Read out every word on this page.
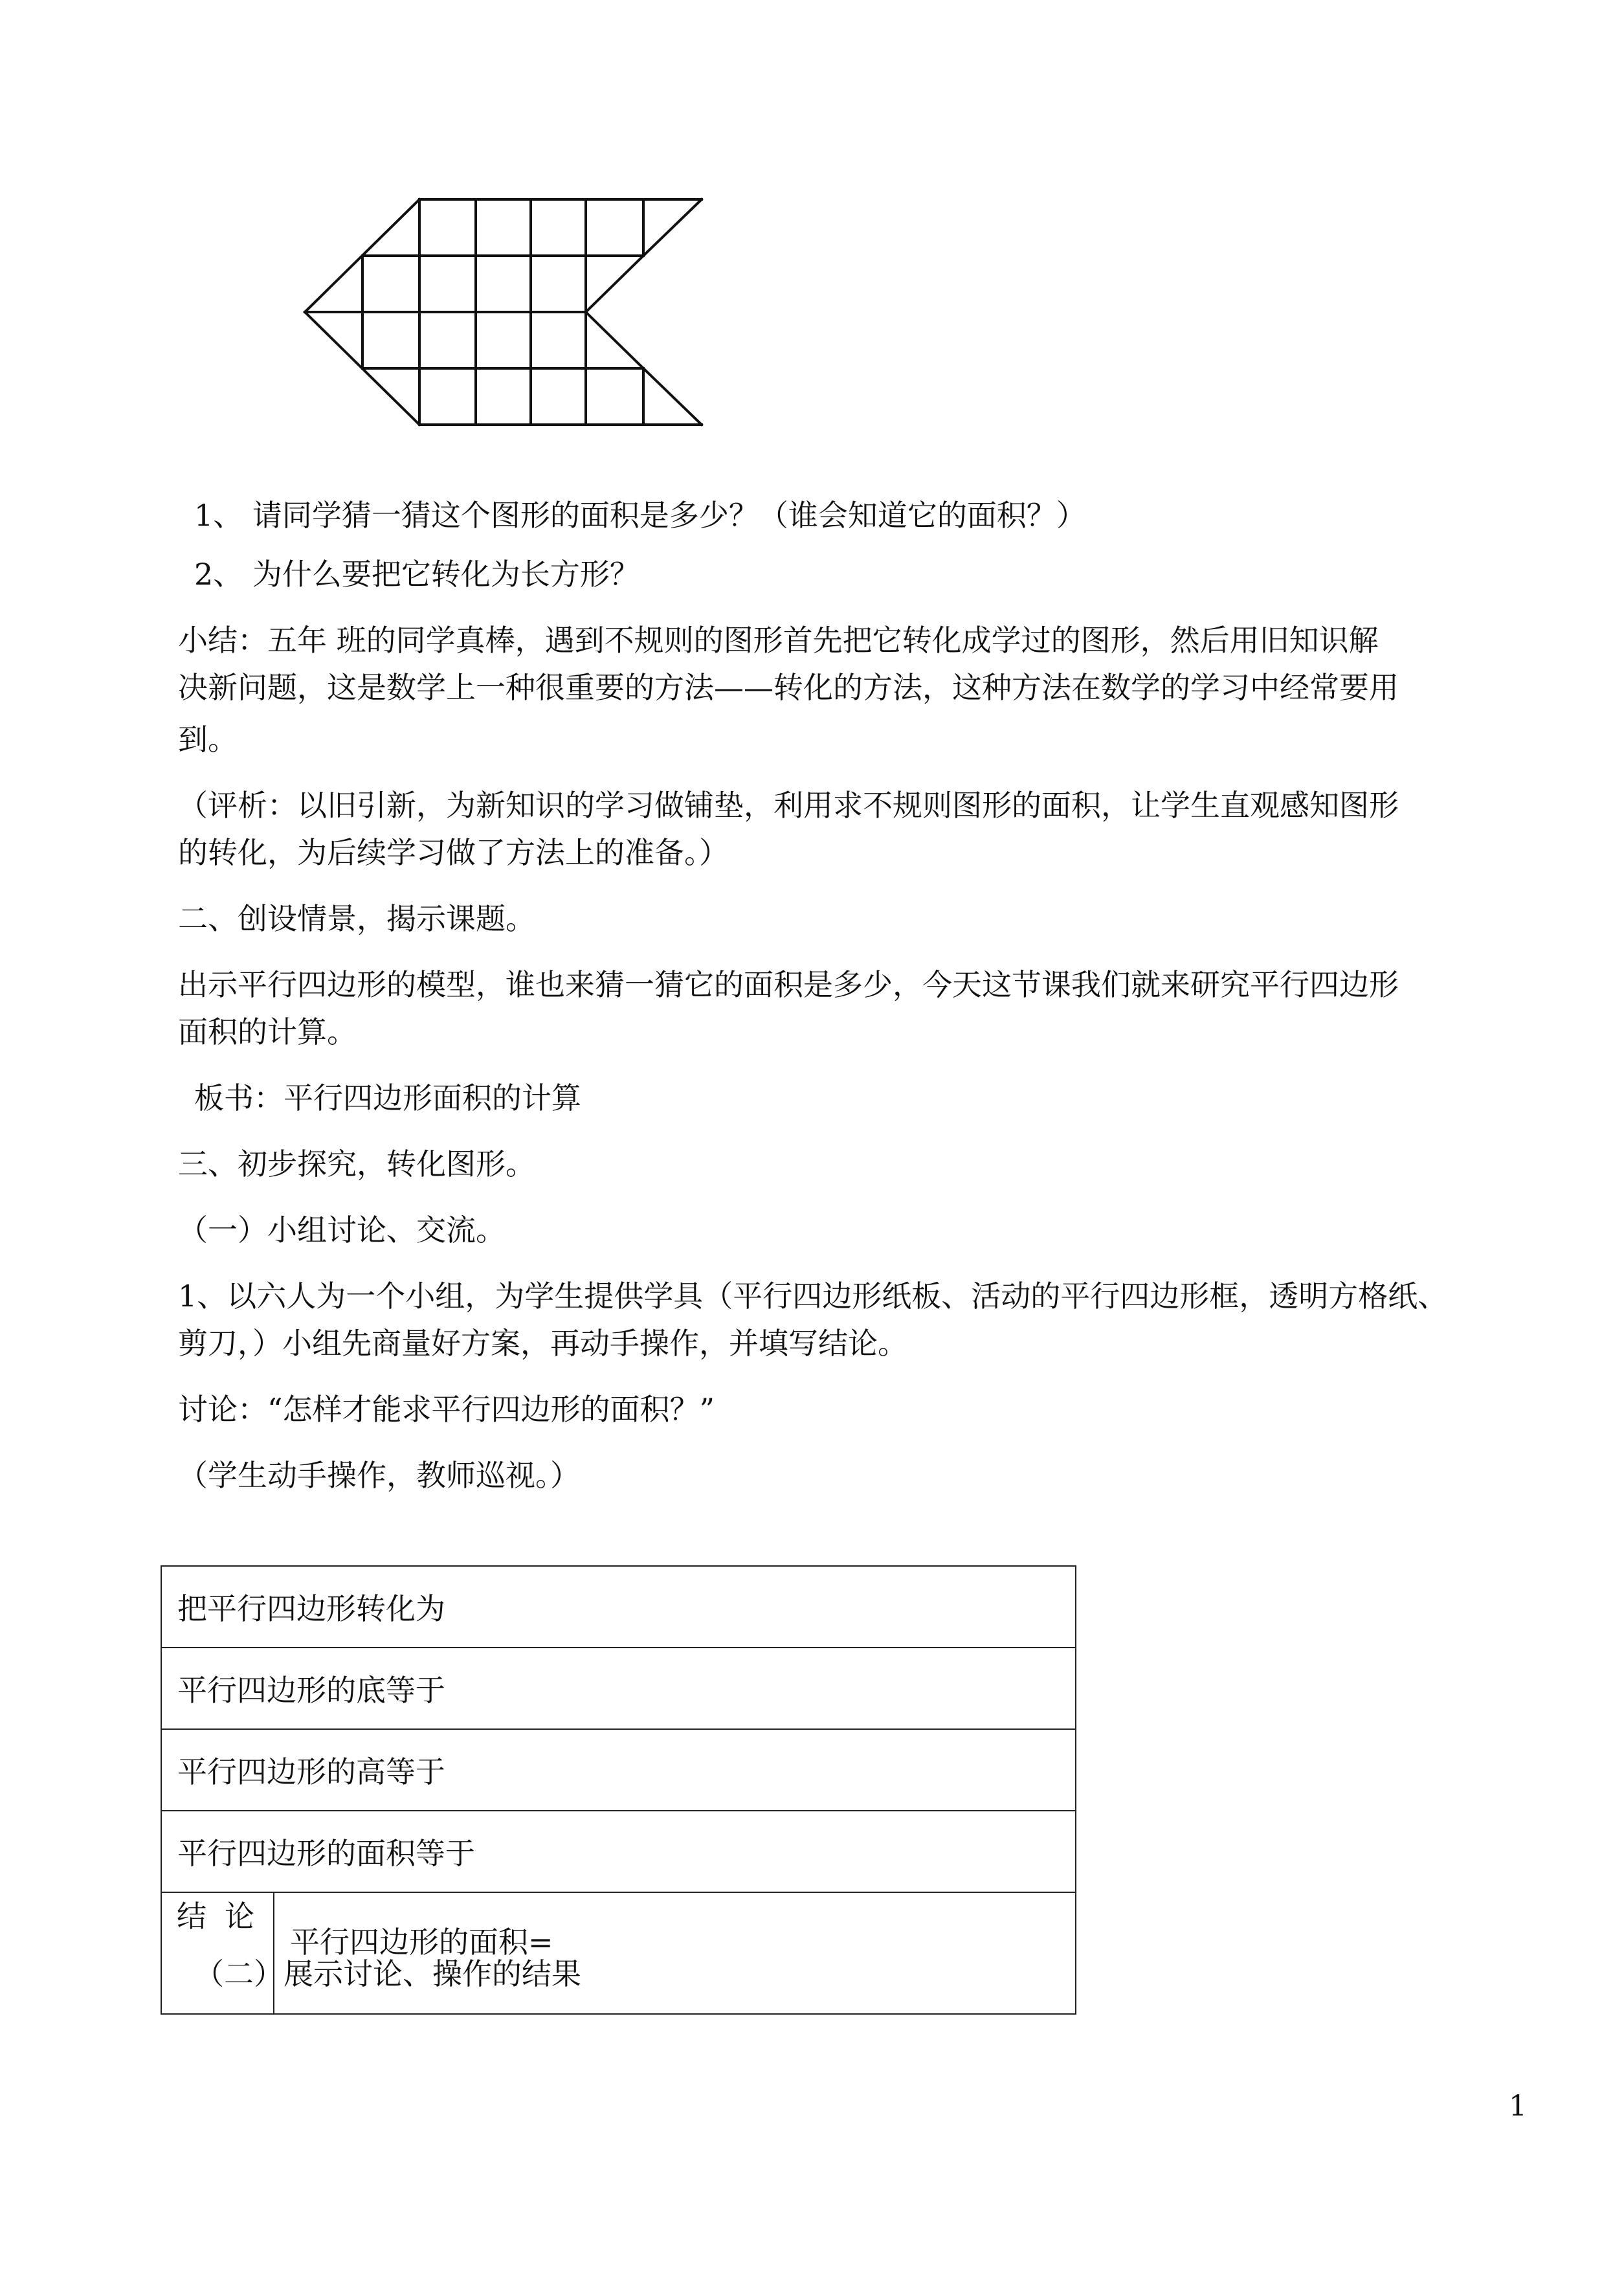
1、 请同学猜一猜这个图形的面积是多少？（谁会知道它的面积？）

2、 为什么要把它转化为长方形？

小结：五年 班的同学真棒，遇到不规则的图形首先把它转化成学过的图形，然后用旧知识解

决新问题，这是数学上一种很重要的方法——转化的方法，这种方法在数学的学习中经常要用

到。

（评析：以旧引新，为新知识的学习做铺垫，利用求不规则图形的面积，让学生直观感知图形

的转化，为后续学习做了方法上的准备。）

二、创设情景，揭示课题。

出示平行四边形的模型，谁也来猜一猜它的面积是多少，今天这节课我们就来研究平行四边形

面积的计算。

板书：平行四边形面积的计算

三、初步探究，转化图形。

（一）小组讨论、交流。

1、以六人为一个小组，为学生提供学具（平行四边形纸板、活动的平行四边形框，透明方格纸、

剪刀，）小组先商量好方案，再动手操作，并填写结论。

讨论：“怎样才能求平行四边形的面积？”

（学生动手操作，教师巡视。）

把平行四边形转化为
平行四边形的底等于
平行四边形的高等于
平行四边形的面积等于
结论	平行四边形的面积=

（二）展示讨论、操作的结果

1
